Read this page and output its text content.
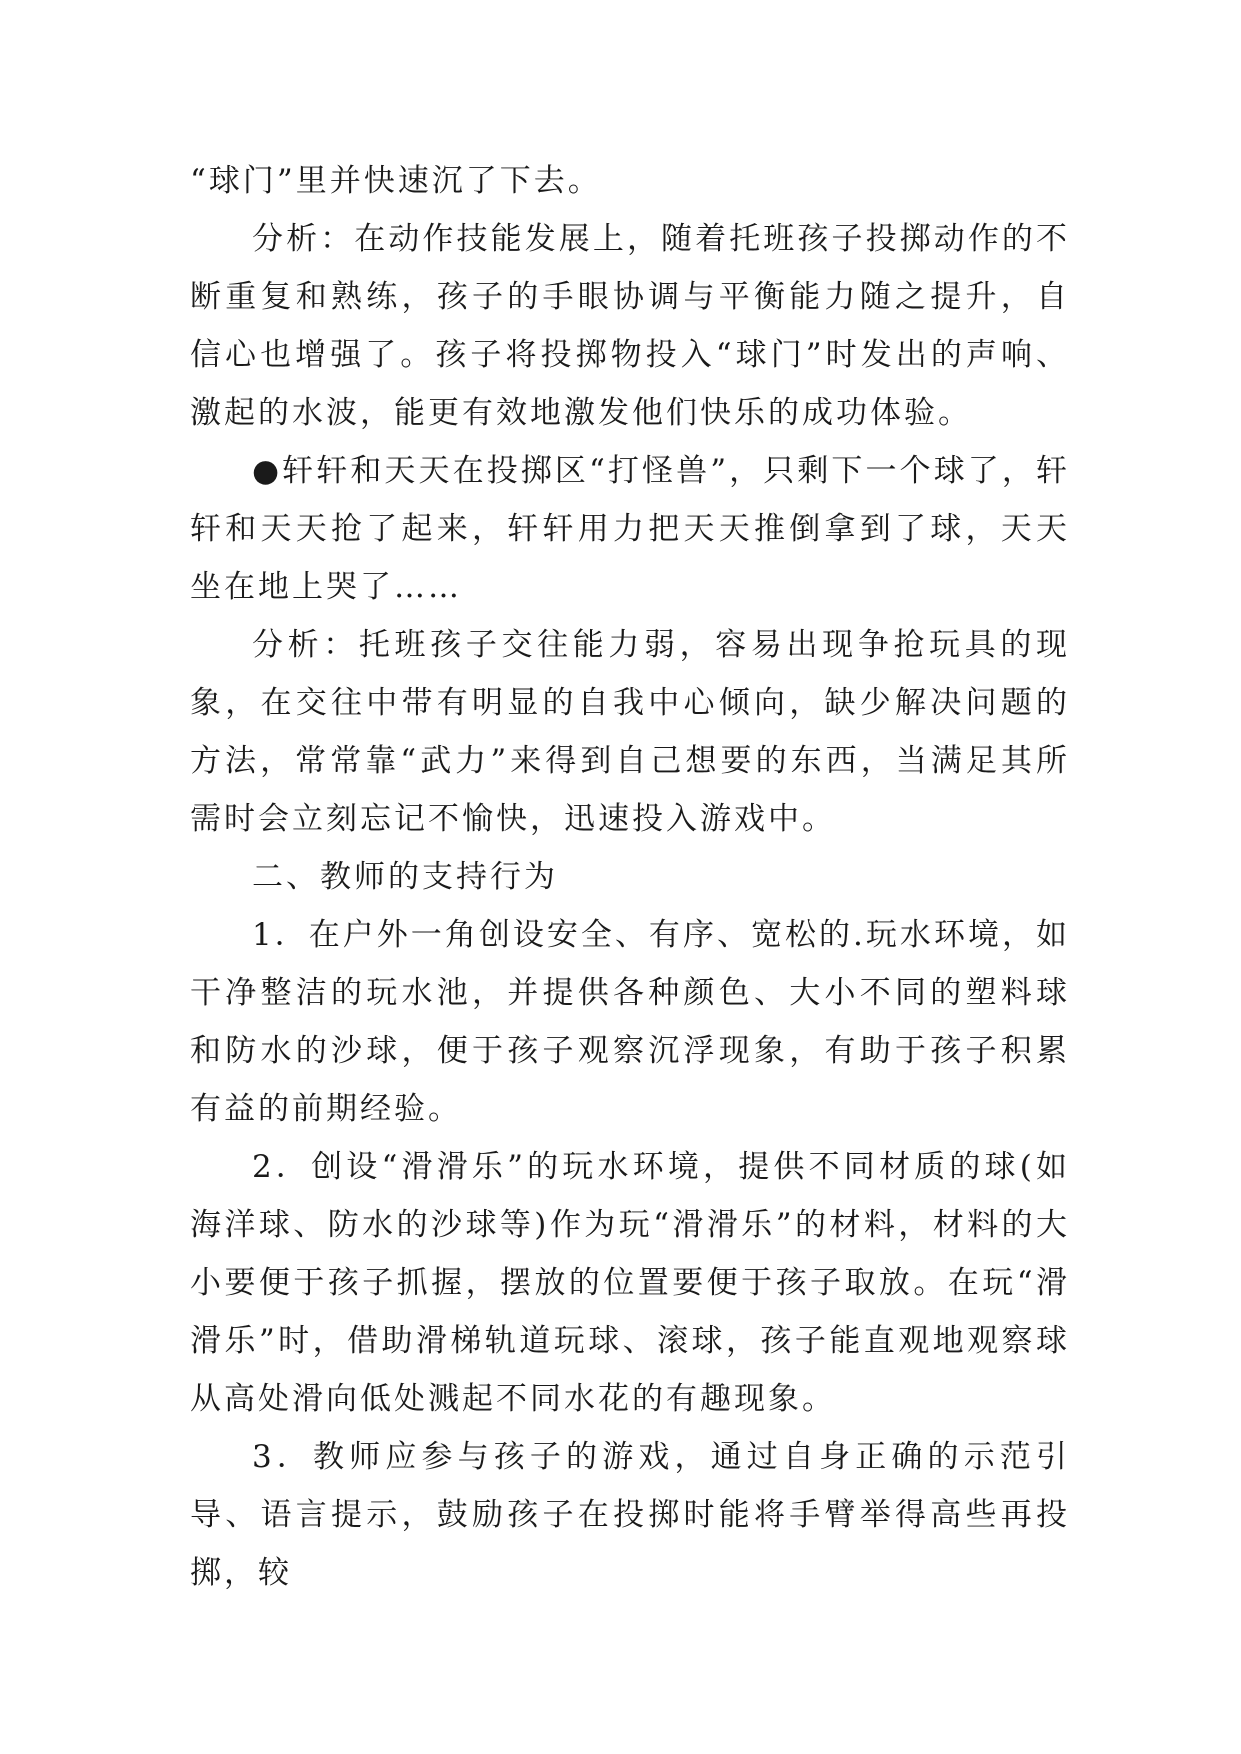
“球门”里并快速沉了下去。

分析：在动作技能发展上，随着托班孩子投掷动作的不断重复和熟练，孩子的手眼协调与平衡能力随之提升，自信心也增强了。孩子将投掷物投入“球门”时发出的声响、激起的水波，能更有效地激发他们快乐的成功体验。

●轩轩和天天在投掷区“打怪兽”，只剩下一个球了，轩轩和天天抢了起来，轩轩用力把天天推倒拿到了球，天天坐在地上哭了……

分析：托班孩子交往能力弱，容易出现争抢玩具的现象，在交往中带有明显的自我中心倾向，缺少解决问题的方法，常常靠“武力”来得到自己想要的东西，当满足其所需时会立刻忘记不愉快，迅速投入游戏中。

二、教师的支持行为

1．在户外一角创设安全、有序、宽松的.玩水环境，如干净整洁的玩水池，并提供各种颜色、大小不同的塑料球和防水的沙球，便于孩子观察沉浮现象，有助于孩子积累有益的前期经验。

2．创设“滑滑乐”的玩水环境，提供不同材质的球(如海洋球、防水的沙球等)作为玩“滑滑乐”的材料，材料的大小要便于孩子抓握，摆放的位置要便于孩子取放。在玩“滑滑乐”时，借助滑梯轨道玩球、滚球，孩子能直观地观察球从高处滑向低处溅起不同水花的有趣现象。

3．教师应参与孩子的游戏，通过自身正确的示范引导、语言提示，鼓励孩子在投掷时能将手臂举得高些再投掷，较
